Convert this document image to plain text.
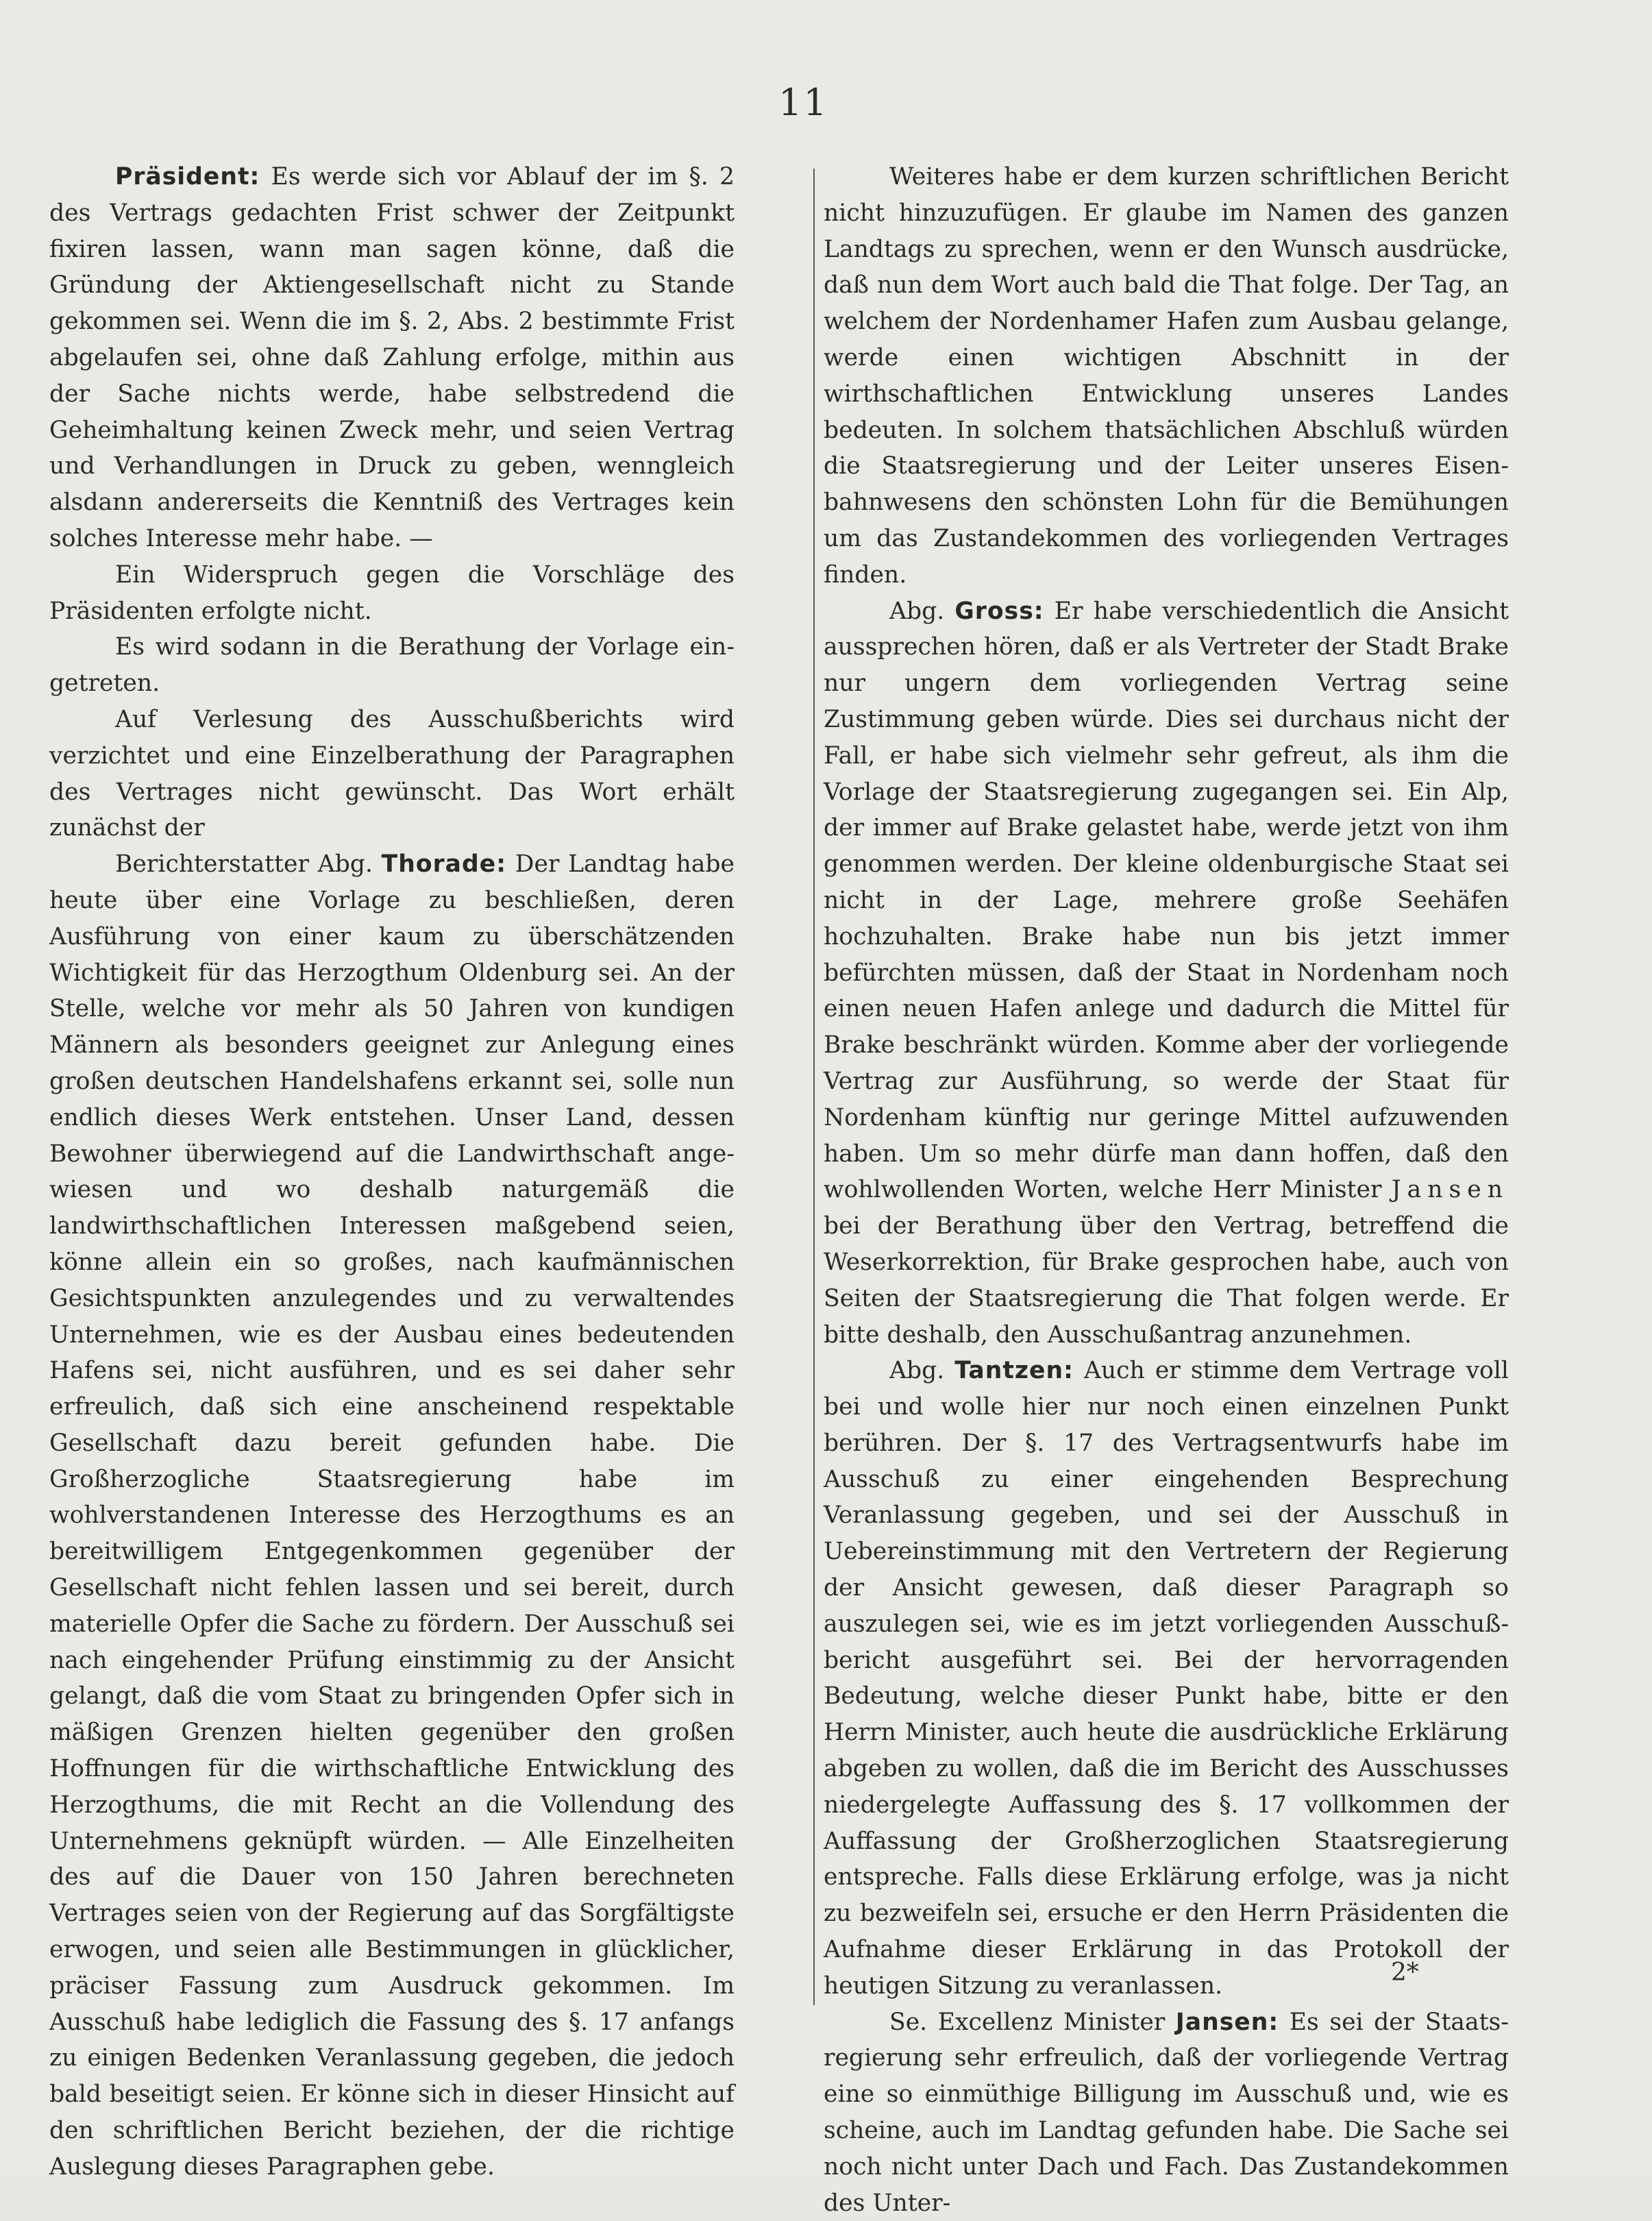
11

Präsident: Es werde sich vor Ablauf der im §. 2 des Vertrags gedachten Frist schwer der Zeitpunkt fixiren lassen, wann man sagen könne, daß die Gründung der Aktiengesellschaft nicht zu Stande gekommen sei. Wenn die im §. 2, Abs. 2 bestimmte Frist abgelaufen sei, ohne daß Zahlung erfolge, mithin aus der Sache nichts werde, habe selbstredend die Geheimhaltung keinen Zweck mehr, und seien Vertrag und Verhandlungen in Druck zu geben, wenngleich alsdann andererseits die Kenntniß des Vertrages kein solches Interesse mehr habe. —

Ein Widerspruch gegen die Vorschläge des Präsidenten erfolgte nicht.

Es wird sodann in die Berathung der Vorlage eingetreten.

Auf Verlesung des Ausschußberichts wird verzichtet und eine Einzelberathung der Paragraphen des Vertrages nicht gewünscht. Das Wort erhält zunächst der

Berichterstatter Abg. Thorade: Der Landtag habe heute über eine Vorlage zu beschließen, deren Ausführung von einer kaum zu überschätzenden Wichtigkeit für das Herzogthum Oldenburg sei. An der Stelle, welche vor mehr als 50 Jahren von kundigen Männern als besonders geeignet zur Anlegung eines großen deutschen Handelshafens erkannt sei, solle nun endlich dieses Werk entstehen. Unser Land, dessen Bewohner überwiegend auf die Landwirthschaft angewiesen und wo deshalb naturgemäß die landwirthschaftlichen Interessen maßgebend seien, könne allein ein so großes, nach kaufmännischen Gesichtspunkten anzulegendes und zu verwaltendes Unternehmen, wie es der Ausbau eines bedeutenden Hafens sei, nicht ausführen, und es sei daher sehr erfreulich, daß sich eine anscheinend respektable Gesellschaft dazu bereit gefunden habe. Die Großherzogliche Staatsregierung habe im wohlverstandenen Interesse des Herzogthums es an bereitwilligem Entgegenkommen gegenüber der Gesellschaft nicht fehlen lassen und sei bereit, durch materielle Opfer die Sache zu fördern. Der Ausschuß sei nach eingehender Prüfung einstimmig zu der Ansicht gelangt, daß die vom Staat zu bringenden Opfer sich in mäßigen Grenzen hielten gegenüber den großen Hoffnungen für die wirthschaftliche Entwicklung des Herzogthums, die mit Recht an die Vollendung des Unternehmens geknüpft würden. — Alle Einzelheiten des auf die Dauer von 150 Jahren berechneten Vertrages seien von der Regierung auf das Sorgfältigste erwogen, und seien alle Bestimmungen in glücklicher, präciser Fassung zum Ausdruck gekommen. Im Ausschuß habe lediglich die Fassung des §. 17 anfangs zu einigen Bedenken Veranlassung gegeben, die jedoch bald beseitigt seien. Er könne sich in dieser Hinsicht auf den schriftlichen Bericht beziehen, der die richtige Auslegung dieses Paragraphen gebe.

Weiteres habe er dem kurzen schriftlichen Bericht nicht hinzuzufügen. Er glaube im Namen des ganzen Landtags zu sprechen, wenn er den Wunsch ausdrücke, daß nun dem Wort auch bald die That folge. Der Tag, an welchem der Nordenhamer Hafen zum Ausbau gelange, werde einen wichtigen Abschnitt in der wirthschaftlichen Entwicklung unseres Landes bedeuten. In solchem thatsächlichen Abschluß würden die Staatsregierung und der Leiter unseres Eisenbahnwesens den schönsten Lohn für die Bemühungen um das Zustandekommen des vorliegenden Vertrages finden.

Abg. Gross: Er habe verschiedentlich die Ansicht aussprechen hören, daß er als Vertreter der Stadt Brake nur ungern dem vorliegenden Vertrag seine Zustimmung geben würde. Dies sei durchaus nicht der Fall, er habe sich vielmehr sehr gefreut, als ihm die Vorlage der Staatsregierung zugegangen sei. Ein Alp, der immer auf Brake gelastet habe, werde jetzt von ihm genommen werden. Der kleine oldenburgische Staat sei nicht in der Lage, mehrere große Seehäfen hochzuhalten. Brake habe nun bis jetzt immer befürchten müssen, daß der Staat in Nordenham noch einen neuen Hafen anlege und dadurch die Mittel für Brake beschränkt würden. Komme aber der vorliegende Vertrag zur Ausführung, so werde der Staat für Nordenham künftig nur geringe Mittel aufzuwenden haben. Um so mehr dürfe man dann hoffen, daß den wohlwollenden Worten, welche Herr Minister Jansen bei der Berathung über den Vertrag, betreffend die Weserkorrektion, für Brake gesprochen habe, auch von Seiten der Staatsregierung die That folgen werde. Er bitte deshalb, den Ausschußantrag anzunehmen.

Abg. Tantzen: Auch er stimme dem Vertrage voll bei und wolle hier nur noch einen einzelnen Punkt berühren. Der §. 17 des Vertragsentwurfs habe im Ausschuß zu einer eingehenden Besprechung Veranlassung gegeben, und sei der Ausschuß in Uebereinstimmung mit den Vertretern der Regierung der Ansicht gewesen, daß dieser Paragraph so auszulegen sei, wie es im jetzt vorliegenden Ausschußbericht ausgeführt sei. Bei der hervorragenden Bedeutung, welche dieser Punkt habe, bitte er den Herrn Minister, auch heute die ausdrückliche Erklärung abgeben zu wollen, daß die im Bericht des Ausschusses niedergelegte Auffassung des §. 17 vollkommen der Auffassung der Großherzoglichen Staatsregierung entspreche. Falls diese Erklärung erfolge, was ja nicht zu bezweifeln sei, ersuche er den Herrn Präsidenten die Aufnahme dieser Erklärung in das Protokoll der heutigen Sitzung zu veranlassen.

Se. Excellenz Minister Jansen: Es sei der Staatsregierung sehr erfreulich, daß der vorliegende Vertrag eine so einmüthige Billigung im Ausschuß und, wie es scheine, auch im Landtag gefunden habe. Die Sache sei noch nicht unter Dach und Fach. Das Zustandekommen des Unter-

2*
